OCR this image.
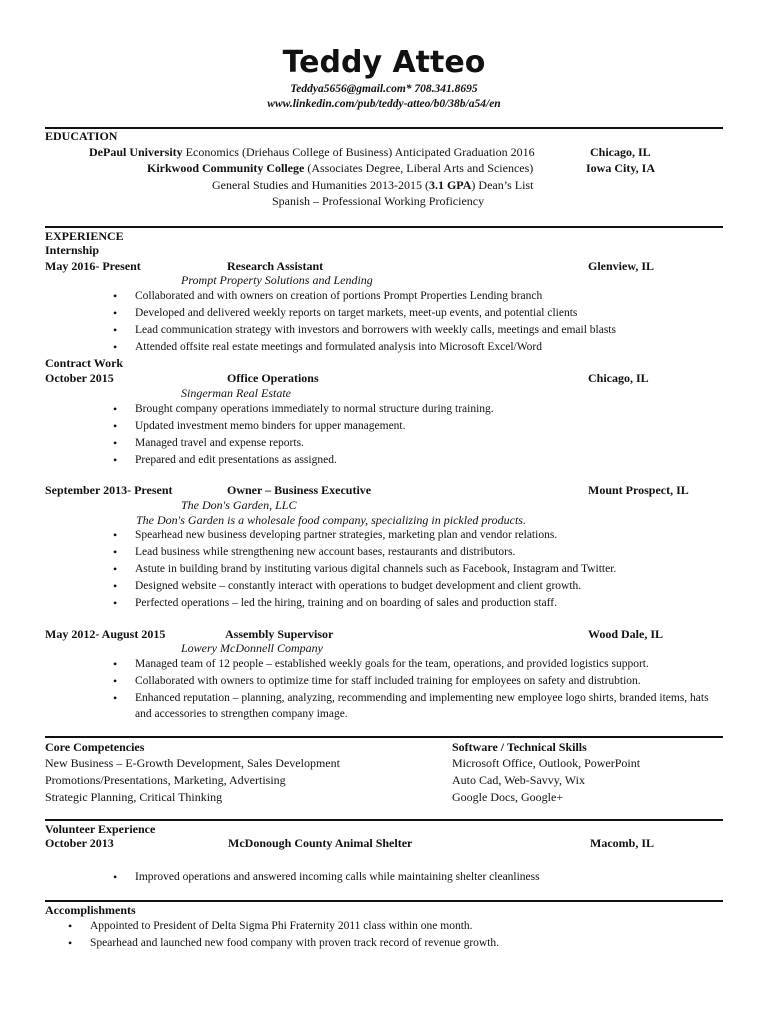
Teddy Atteo
Teddya5656@gmail.com* 708.341.8695
www.linkedin.com/pub/teddy-atteo/b0/38b/a54/en
EDUCATION
DePaul University Economics (Driehaus College of Business) Anticipated Graduation 2016	Chicago, IL
Kirkwood Community College (Associates Degree, Liberal Arts and Sciences)	Iowa City, IA
General Studies and Humanities 2013-2015 (3.1 GPA) Dean’s List
Spanish – Professional Working Proficiency
EXPERIENCE
Internship
May 2016- Present	Research Assistant	Glenview, IL
Prompt Property Solutions and Lending
• Collaborated and with owners on creation of portions Prompt Properties Lending branch
• Developed and delivered weekly reports on target markets, meet-up events, and potential clients
• Lead communication strategy with investors and borrowers with weekly calls, meetings and email blasts
• Attended offsite real estate meetings and formulated analysis into Microsoft Excel/Word
Contract Work
October 2015	Office Operations	Chicago, IL
Singerman Real Estate
• Brought company operations immediately to normal structure during training.
• Updated investment memo binders for upper management.
• Managed travel and expense reports.
• Prepared and edit presentations as assigned.
September 2013- Present	Owner – Business Executive	Mount Prospect, IL
The Don's Garden, LLC
The Don's Garden is a wholesale food company, specializing in pickled products.
• Spearhead new business developing partner strategies, marketing plan and vendor relations.
• Lead business while strengthening new account bases, restaurants and distributors.
• Astute in building brand by instituting various digital channels such as Facebook, Instagram and Twitter.
• Designed website – constantly interact with operations to budget development and client growth.
• Perfected operations – led the hiring, training and on boarding of sales and production staff.
May 2012- August 2015	Assembly Supervisor	Wood Dale, IL
Lowery McDonnell Company
• Managed team of 12 people – established weekly goals for the team, operations, and provided logistics support.
• Collaborated with owners to optimize time for staff included training for employees on safety and distrubtion.
• Enhanced reputation – planning, analyzing, recommending and implementing new employee logo shirts, branded items, hats and accessories to strengthen company image.
Core Competencies
New Business – E-Growth Development, Sales Development
Promotions/Presentations, Marketing, Advertising
Strategic Planning, Critical Thinking
Software / Technical Skills
Microsoft Office, Outlook, PowerPoint
Auto Cad, Web-Savvy, Wix
Google Docs, Google+
Volunteer Experience
October 2013	McDonough County Animal Shelter	Macomb, IL
• Improved operations and answered incoming calls while maintaining shelter cleanliness
Accomplishments
• Appointed to President of Delta Sigma Phi Fraternity 2011 class within one month.
• Spearhead and launched new food company with proven track record of revenue growth.
